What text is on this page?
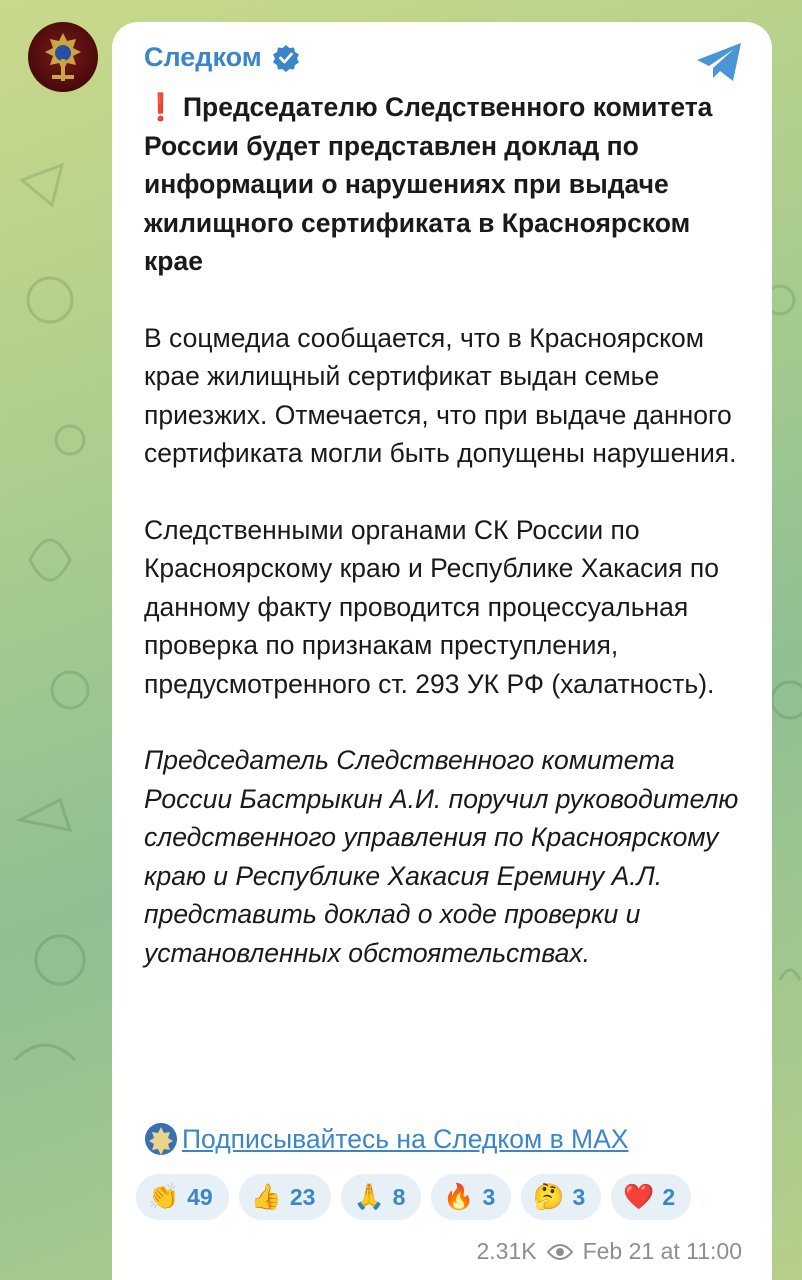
Следком
❗ Председателю Следственного комитета России будет представлен доклад по информации о нарушениях при выдаче жилищного сертификата в Красноярском крае
В соцмедиа сообщается, что в Красноярском крае жилищный сертификат выдан семье приезжих. Отмечается, что при выдаче данного сертификата могли быть допущены нарушения.
Следственными органами СК России по Красноярскому краю и Республике Хакасия по данному факту проводится процессуальная проверка по признакам преступления, предусмотренного ст. 293 УК РФ (халатность).
Председатель Следственного комитета России Бастрыкин А.И. поручил руководителю следственного управления по Красноярскому краю и Республике Хакасия Еремину А.Л. представить доклад о ходе проверки и установленных обстоятельствах.
Подписывайтесь на Следком в MAX
👏 49 👍 23 🙏 8 🔥 3 🤔 3 ❤️ 2
2.31K Feb 21 at 11:00
